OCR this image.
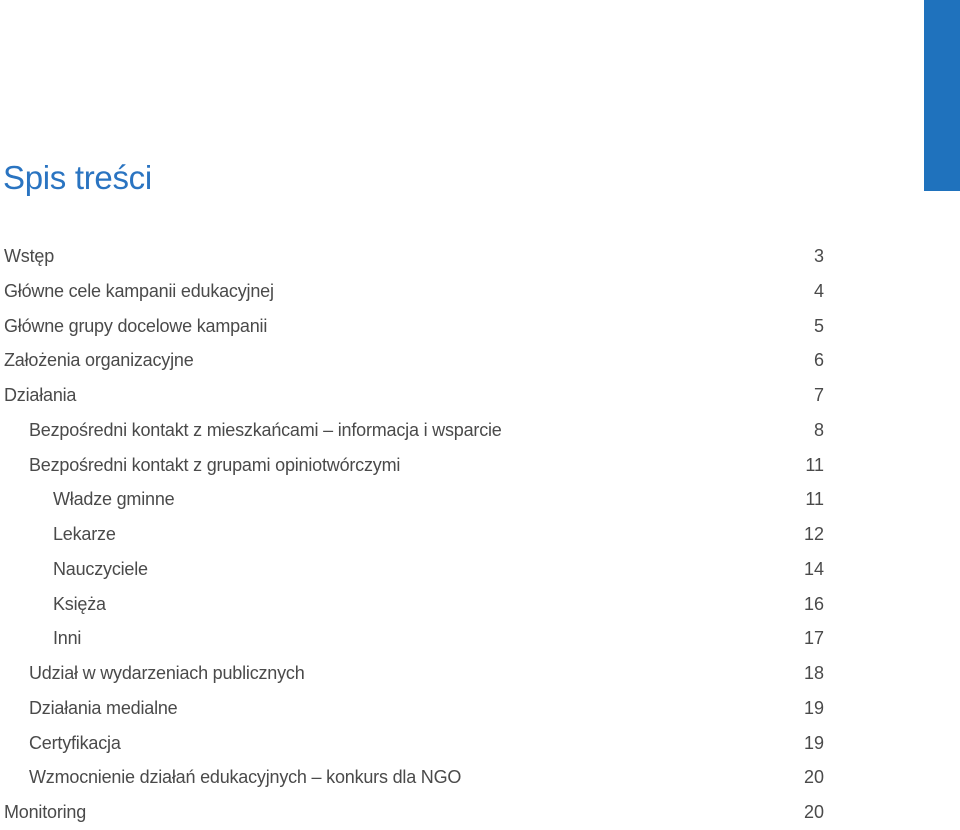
Spis treści
Wstęp	3
Główne cele kampanii edukacyjnej	4
Główne grupy docelowe kampanii	5
Założenia organizacyjne	6
Działania	7
Bezpośredni kontakt z mieszkańcami – informacja i wsparcie	8
Bezpośredni kontakt z grupami opiniotwórczymi	11
Władze gminne	11
Lekarze	12
Nauczyciele	14
Księża	16
Inni	17
Udział w wydarzeniach publicznych	18
Działania medialne	19
Certyfikacja	19
Wzmocnienie działań edukacyjnych – konkurs dla NGO	20
Monitoring	20
